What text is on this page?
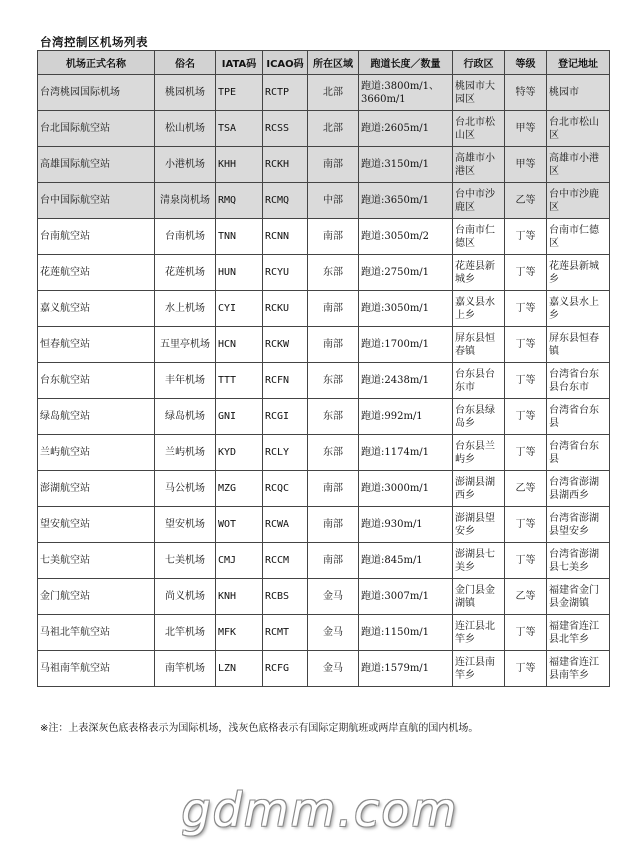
台湾控制区机场列表
机场正式名称	俗名	IATA码	ICAO码	所在区域	跑道长度／数量	行政区	等级	登记地址
台湾桃园国际机场	桃园机场	TPE	RCTP	北部	跑道:3800m/1、3660m/1	桃园市大园区	特等	桃园市
台北国际航空站	松山机场	TSA	RCSS	北部	跑道:2605m/1	台北市松山区	甲等	台北市松山区
高雄国际航空站	小港机场	KHH	RCKH	南部	跑道:3150m/1	高雄市小港区	甲等	高雄市小港区
台中国际航空站	清泉岗机场	RMQ	RCMQ	中部	跑道:3650m/1	台中市沙鹿区	乙等	台中市沙鹿区
台南航空站	台南机场	TNN	RCNN	南部	跑道:3050m/2	台南市仁德区	丁等	台南市仁德区
花莲航空站	花莲机场	HUN	RCYU	东部	跑道:2750m/1	花莲县新城乡	丁等	花莲县新城乡
嘉义航空站	水上机场	CYI	RCKU	南部	跑道:3050m/1	嘉义县水上乡	丁等	嘉义县水上乡
恒春航空站	五里亭机场	HCN	RCKW	南部	跑道:1700m/1	屏东县恒春镇	丁等	屏东县恒春镇
台东航空站	丰年机场	TTT	RCFN	东部	跑道:2438m/1	台东县台东市	丁等	台湾省台东县台东市
绿岛航空站	绿岛机场	GNI	RCGI	东部	跑道:992m/1	台东县绿岛乡	丁等	台湾省台东县
兰屿航空站	兰屿机场	KYD	RCLY	东部	跑道:1174m/1	台东县兰屿乡	丁等	台湾省台东县
澎湖航空站	马公机场	MZG	RCQC	南部	跑道:3000m/1	澎湖县湖西乡	乙等	台湾省澎湖县湖西乡
望安航空站	望安机场	WOT	RCWA	南部	跑道:930m/1	澎湖县望安乡	丁等	台湾省澎湖县望安乡
七美航空站	七美机场	CMJ	RCCM	南部	跑道:845m/1	澎湖县七美乡	丁等	台湾省澎湖县七美乡
金门航空站	尚义机场	KNH	RCBS	金马	跑道:3007m/1	金门县金湖镇	乙等	福建省金门县金湖镇
马祖北竿航空站	北竿机场	MFK	RCMT	金马	跑道:1150m/1	连江县北竿乡	丁等	福建省连江县北竿乡
马祖南竿航空站	南竿机场	LZN	RCFG	金马	跑道:1579m/1	连江县南竿乡	丁等	福建省连江县南竿乡
※注：上表深灰色底表格表示为国际机场，浅灰色底格表示有国际定期航班或两岸直航的国内机场。
gdmm.com
